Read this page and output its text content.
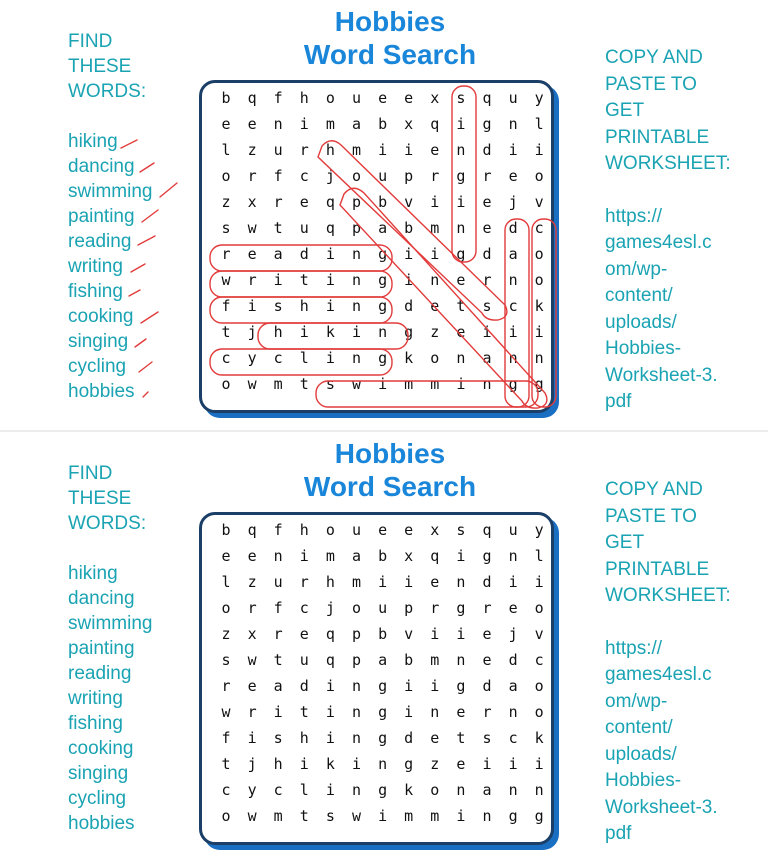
Hobbies
Word Search
FIND
THESE
WORDS:
hiking
dancing
swimming
painting
reading
writing
fishing
cooking
singing
cycling
hobbies
COPY AND
PASTE TO
GET
PRINTABLE
WORKSHEET:
https://
games4esl.c
om/wp-
content/
uploads/
Hobbies-
Worksheet-3.
pdf
b	q	f	h	o	u	e	e	x	s	q	u	y
e	e	n	i	m	a	b	x	q	i	g	n	l
l	z	u	r	h	m	i	i	e	n	d	i	i
o	r	f	c	j	o	u	p	r	g	r	e	o
z	x	r	e	q	p	b	v	i	i	e	j	v
s	w	t	u	q	p	a	b	m	n	e	d	c
r	e	a	d	i	n	g	i	i	g	d	a	o
w	r	i	t	i	n	g	i	n	e	r	n	o
f	i	s	h	i	n	g	d	e	t	s	c	k
t	j	h	i	k	i	n	g	z	e	i	i	i
c	y	c	l	i	n	g	k	o	n	a	n	n
o	w	m	t	s	w	i	m	m	i	n	g	g
Hobbies
Word Search
FIND
THESE
WORDS:
hiking
dancing
swimming
painting
reading
writing
fishing
cooking
singing
cycling
hobbies
COPY AND
PASTE TO
GET
PRINTABLE
WORKSHEET:
https://
games4esl.c
om/wp-
content/
uploads/
Hobbies-
Worksheet-3.
pdf
b	q	f	h	o	u	e	e	x	s	q	u	y
e	e	n	i	m	a	b	x	q	i	g	n	l
l	z	u	r	h	m	i	i	e	n	d	i	i
o	r	f	c	j	o	u	p	r	g	r	e	o
z	x	r	e	q	p	b	v	i	i	e	j	v
s	w	t	u	q	p	a	b	m	n	e	d	c
r	e	a	d	i	n	g	i	i	g	d	a	o
w	r	i	t	i	n	g	i	n	e	r	n	o
f	i	s	h	i	n	g	d	e	t	s	c	k
t	j	h	i	k	i	n	g	z	e	i	i	i
c	y	c	l	i	n	g	k	o	n	a	n	n
o	w	m	t	s	w	i	m	m	i	n	g	g
